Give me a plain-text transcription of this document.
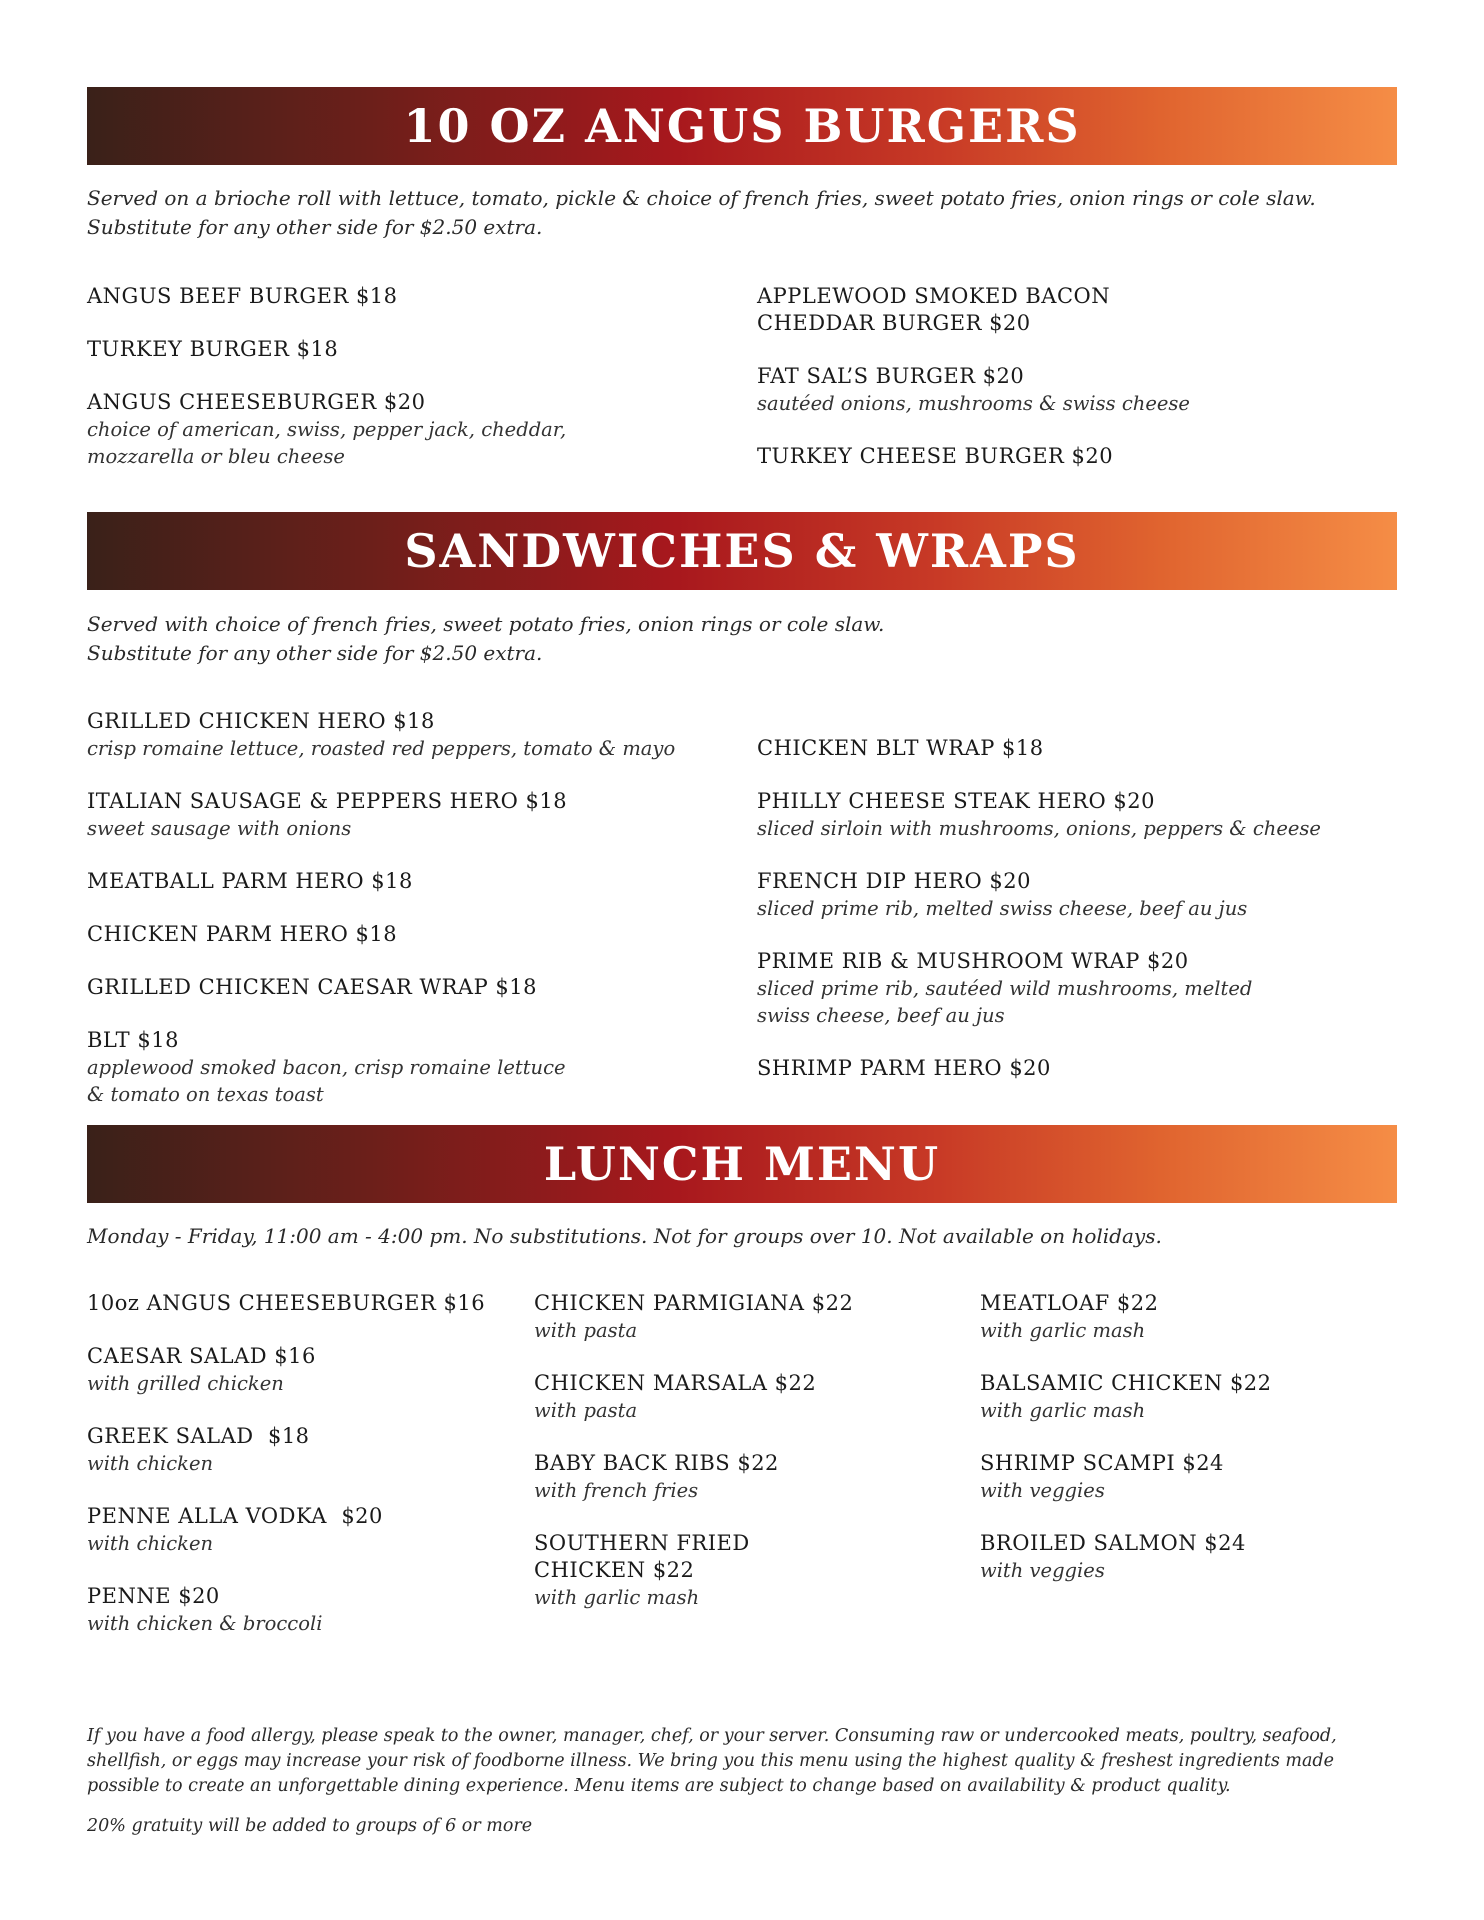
10 OZ ANGUS BURGERS
Served on a brioche roll with lettuce, tomato, pickle & choice of french fries, sweet potato fries, onion rings or cole slaw.
Substitute for any other side for $2.50 extra.
ANGUS BEEF BURGER $18
TURKEY BURGER $18
ANGUS CHEESEBURGER $20
choice of american, swiss, pepper jack, cheddar,
mozzarella or bleu cheese
APPLEWOOD SMOKED BACON
CHEDDAR BURGER $20
FAT SAL’S BURGER $20
sautéed onions, mushrooms & swiss cheese
TURKEY CHEESE BURGER $20
SANDWICHES & WRAPS
Served with choice of french fries, sweet potato fries, onion rings or cole slaw.
Substitute for any other side for $2.50 extra.
GRILLED CHICKEN HERO $18
crisp romaine lettuce, roasted red peppers, tomato & mayo
ITALIAN SAUSAGE & PEPPERS HERO $18
sweet sausage with onions
MEATBALL PARM HERO $18
CHICKEN PARM HERO $18
GRILLED CHICKEN CAESAR WRAP $18
BLT $18
applewood smoked bacon, crisp romaine lettuce
& tomato on texas toast
CHICKEN BLT WRAP $18
PHILLY CHEESE STEAK HERO $20
sliced sirloin with mushrooms, onions, peppers & cheese
FRENCH DIP HERO $20
sliced prime rib, melted swiss cheese, beef au jus
PRIME RIB & MUSHROOM WRAP $20
sliced prime rib, sautéed wild mushrooms, melted
swiss cheese, beef au jus
SHRIMP PARM HERO $20
LUNCH MENU
Monday - Friday, 11:00 am - 4:00 pm. No substitutions. Not for groups over 10. Not available on holidays.
10oz ANGUS CHEESEBURGER $16
CAESAR SALAD $16
with grilled chicken
GREEK SALAD  $18
with chicken
PENNE ALLA VODKA  $20
with chicken
PENNE $20
with chicken & broccoli
CHICKEN PARMIGIANA $22
with pasta
CHICKEN MARSALA $22
with pasta
BABY BACK RIBS $22
with french fries
SOUTHERN FRIED
CHICKEN $22
with garlic mash
MEATLOAF $22
with garlic mash
BALSAMIC CHICKEN $22
with garlic mash
SHRIMP SCAMPI $24
with veggies
BROILED SALMON $24
with veggies
If you have a food allergy, please speak to the owner, manager, chef, or your server. Consuming raw or undercooked meats, poultry, seafood,
shellfish, or eggs may increase your risk of foodborne illness. We bring you this menu using the highest quality & freshest ingredients made
possible to create an unforgettable dining experience. Menu items are subject to change based on availability & product quality.
20% gratuity will be added to groups of 6 or more
